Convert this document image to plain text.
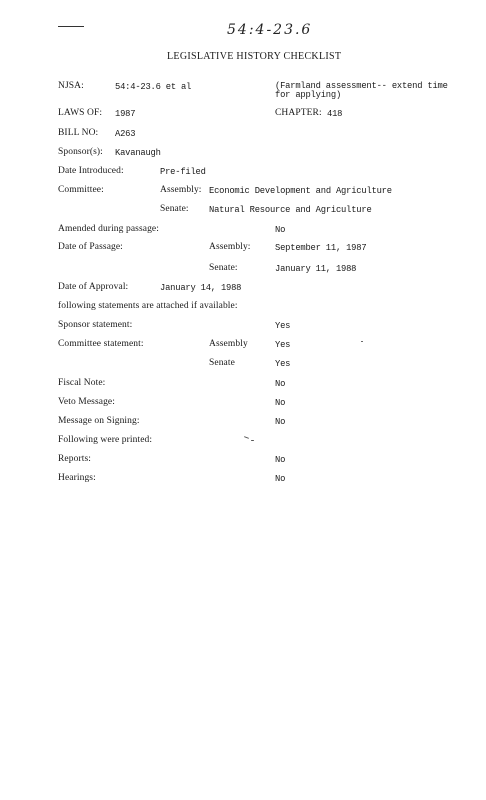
54:4-23.6
LEGISLATIVE HISTORY CHECKLIST
NJSA:	54:4-23.6 et al	(Farmland assessment-- extend time
for applying)
LAWS OF: 1987	CHAPTER: 418
BILL NO: A263
Sponsor(s): Kavanaugh
Date Introduced:	Pre-filed
Committee:	Assembly: Economic Development and Agriculture
Senate: Natural Resource and Agriculture
Amended during passage:	No
Date of Passage:	Assembly:	September 11, 1987
Senate:	January 11, 1988
Date of Approval:	January 14, 1988
following statements are attached if available:
Sponsor statement:	Yes
Committee statement:	Assembly	Yes
Senate	Yes
Fiscal Note:	No
Veto Message:	No
Message on Signing:	No
Following were printed:
Reports:	No
Hearings:	No
